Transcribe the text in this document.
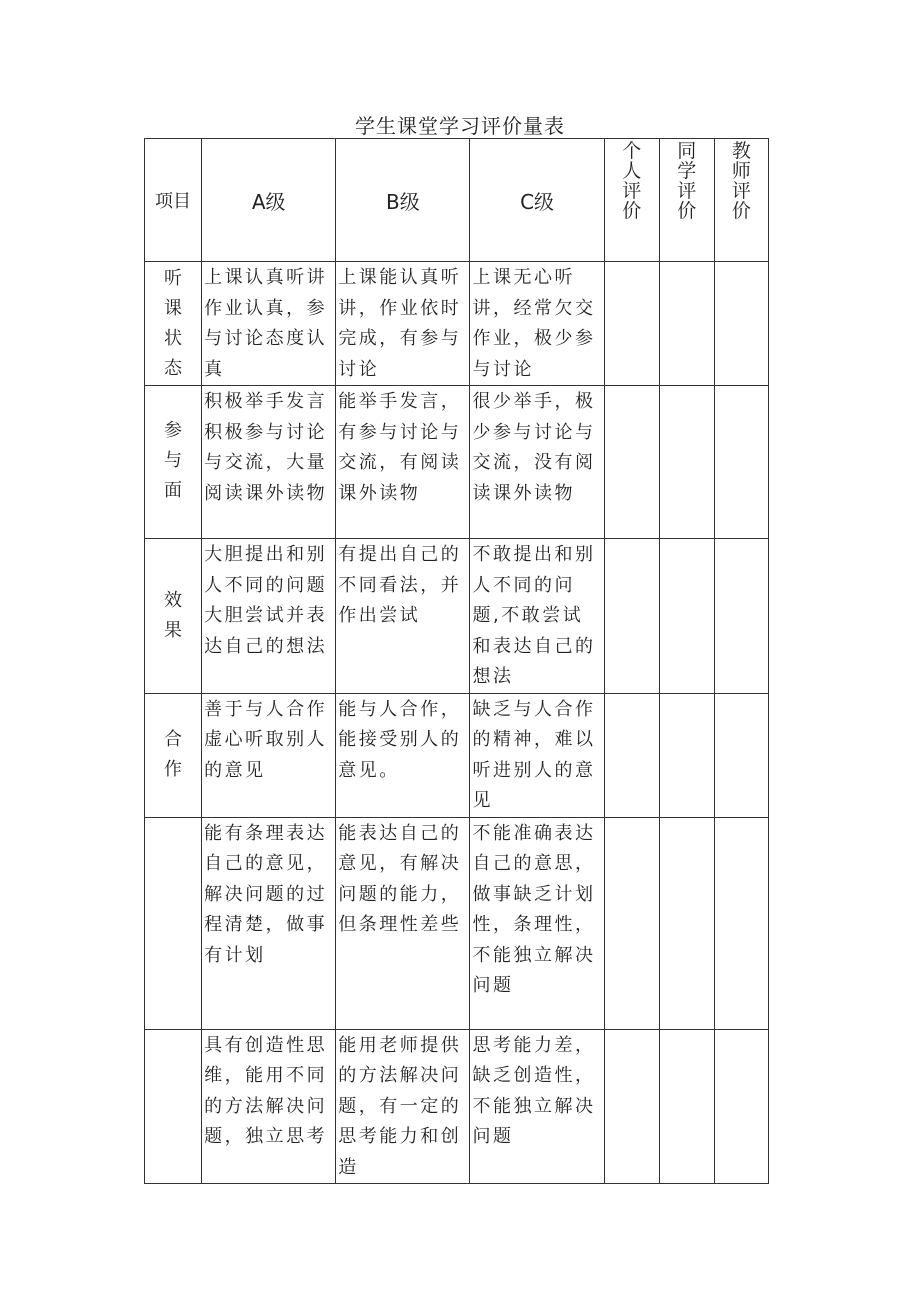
学生课堂学习评价量表
项目	A级	B级	C级	个人评价	同学评价	教师评价
听课状态	上课认真听讲作业认真，参与讨论态度认真	上课能认真听讲，作业依时完成，有参与讨论	上课无心听讲，经常欠交作业，极少参与讨论			
参与面	积极举手发言积极参与讨论与交流，大量阅读课外读物	能举手发言，有参与讨论与交流，有阅读课外读物	很少举手，极少参与讨论与交流，没有阅读课外读物			
效果	大胆提出和别人不同的问题大胆尝试并表达自己的想法	有提出自己的不同看法，并作出尝试	不敢提出和别人不同的问题,不敢尝试和表达自己的想法			
合作	善于与人合作虚心听取别人的意见	能与人合作，能接受别人的意见。	缺乏与人合作的精神，难以听进别人的意见			
	能有条理表达自己的意见，解决问题的过程清楚，做事有计划	能表达自己的意见，有解决问题的能力，但条理性差些	不能准确表达自己的意思，做事缺乏计划性，条理性，不能独立解决问题			
	具有创造性思维，能用不同的方法解决问题，独立思考	能用老师提供的方法解决问题，有一定的思考能力和创造	思考能力差，缺乏创造性，不能独立解决问题			
